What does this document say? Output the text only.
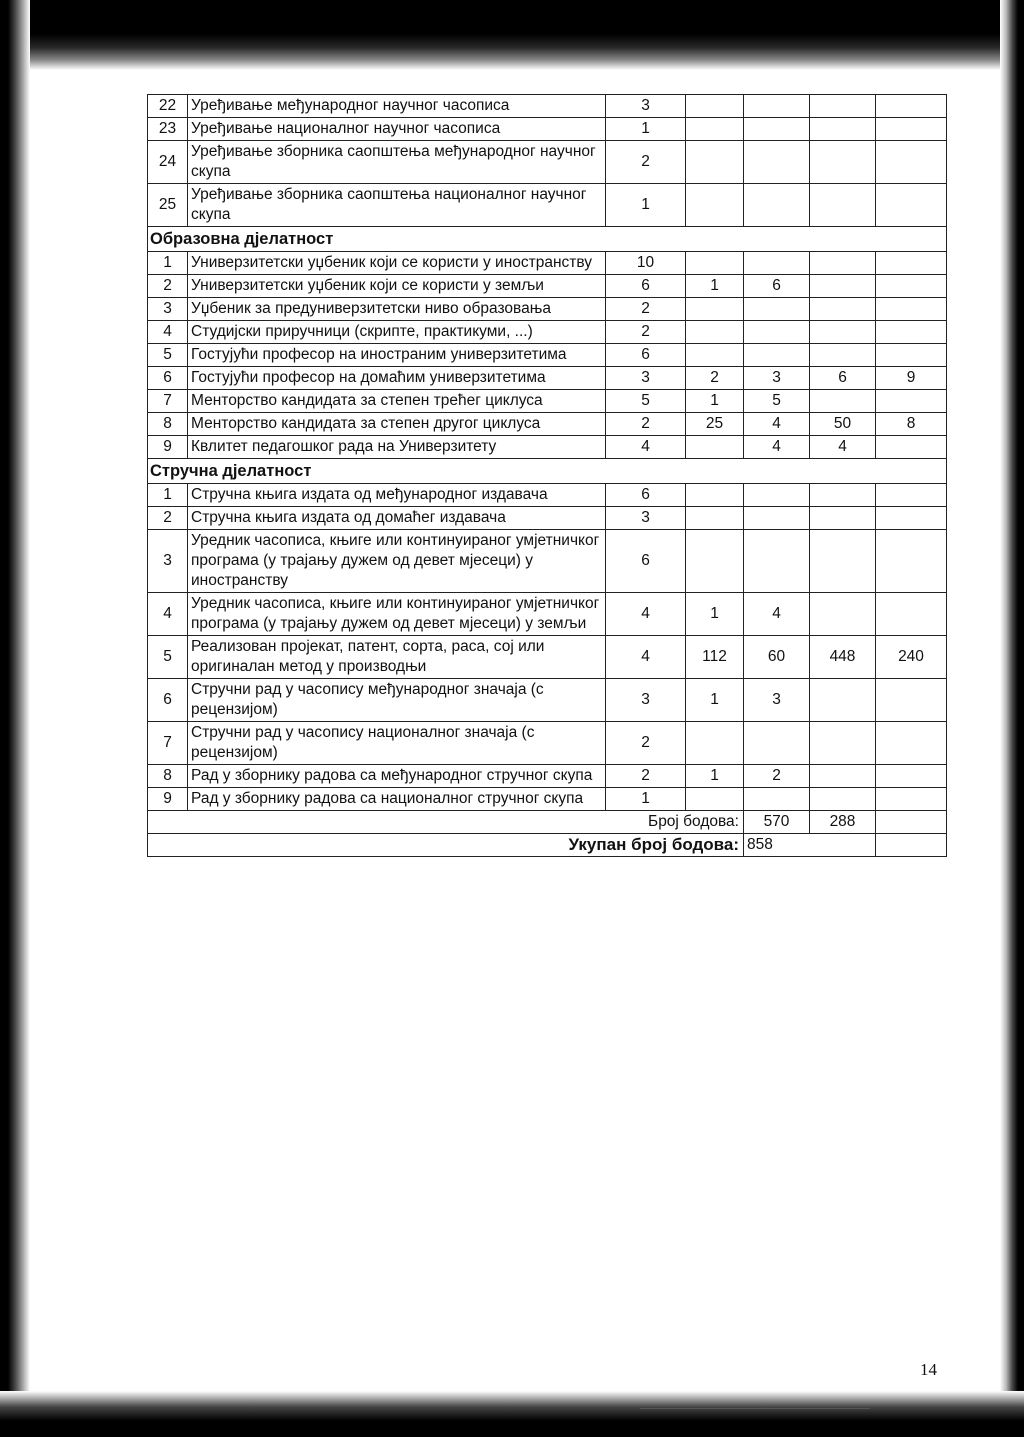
22	Уређивање међународног научног часописа	3				
23	Уређивање националног научног часописа	1				
24	Уређивање зборника саопштења међународног научног скупа	2				
25	Уређивање зборника саопштења националног научног скупа	1				
Образовна дјелатност						
1	Универзитетски уџбеник који се користи у иностранству	10				
2	Универзитетски уџбеник који се користи у земљи	6	1	6		
3	Уџбеник за предуниверзитетски ниво образовања	2				
4	Студијски приручници (скрипте, практикуми, ...)	2				
5	Гостујући професор на иностраним универзитетима	6				
6	Гостујући професор на домаћим универзитетима	3	2	3	6	9
7	Менторство кандидата за степен трећег циклуса	5	1	5		
8	Менторство кандидата за степен другог циклуса	2	25	4	50	8
9	Квлитет педагошког рада на Универзитету	4		4	4	
Стручна дјелатност						
1	Стручна књига издата од међународног издавача	6				
2	Стручна књига издата од домаћег издавача	3				
3	Уредник часописа, књиге или континуираног умјетничког програма (у трајању дужем од девет мјесеци) у иностранству	6				
4	Уредник часописа, књиге или континуираног умјетничког програма (у трајању дужем од девет мјесеци) у земљи	4	1	4		
5	Реализован пројекат, патент, сорта, раса, сој или оригиналан метод у производњи	4	112	60	448	240
6	Стручни рад у часопису међународног значаја (с рецензијом)	3	1	3		
7	Стручни рад у часопису националног значаја (с рецензијом)	2				
8	Рад у зборнику радова са међународног стручног скупа	2	1	2		
9	Рад у зборнику радова са националног стручног скупа	1				
Број бодова:				570	288	
Укупан број бодова:				858		
14
